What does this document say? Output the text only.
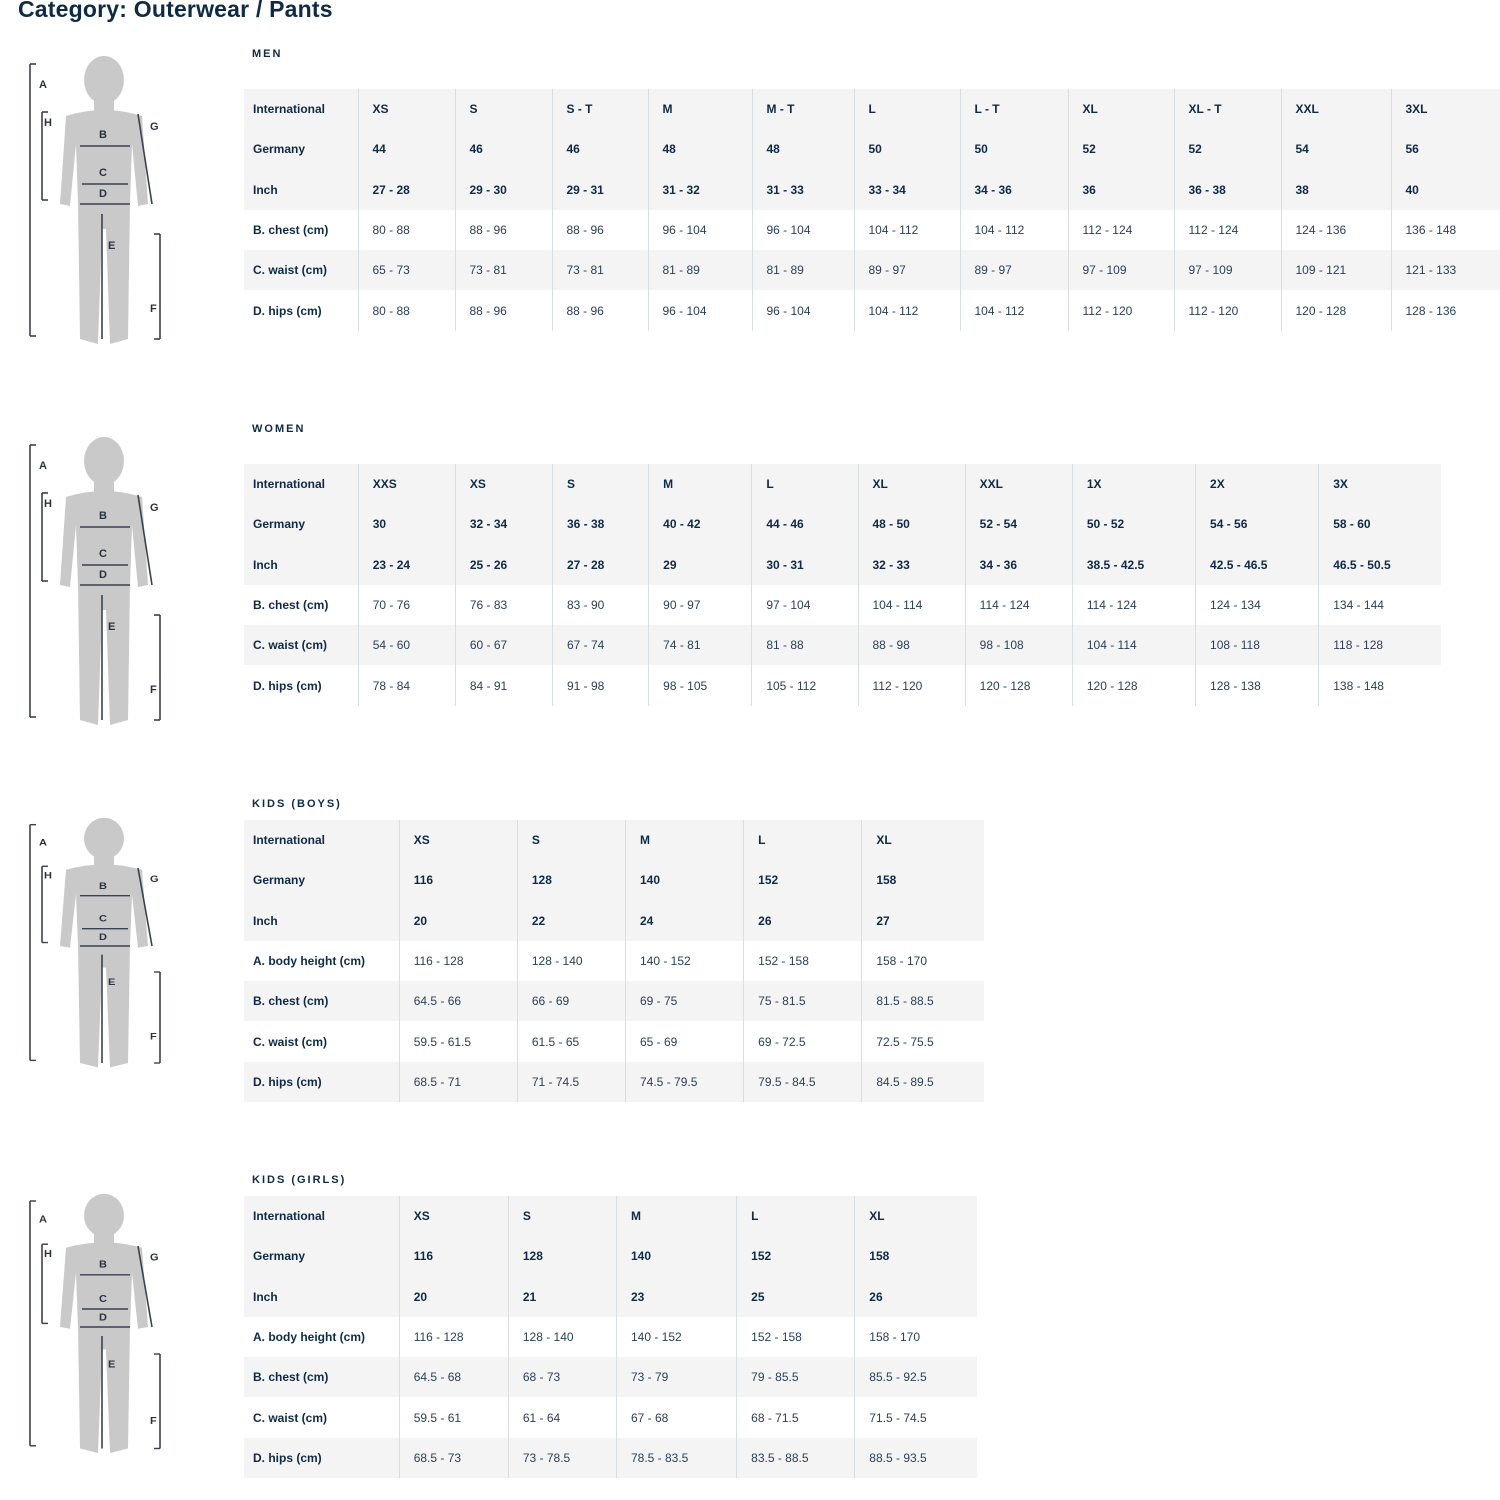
Category: Outerwear / Pants
MEN
A
H
B
C
D
E
F
G
International	XS	S	S - T	M	M - T	L	L - T	XL	XL - T	XXL	3XL
Germany	44	46	46	48	48	50	50	52	52	54	56
Inch	27 - 28	29 - 30	29 - 31	31 - 32	31 - 33	33 - 34	34 - 36	36	36 - 38	38	40
B. chest (cm)	80 - 88	88 - 96	88 - 96	96 - 104	96 - 104	104 - 112	104 - 112	112 - 124	112 - 124	124 - 136	136 - 148
C. waist (cm)	65 - 73	73 - 81	73 - 81	81 - 89	81 - 89	89 - 97	89 - 97	97 - 109	97 - 109	109 - 121	121 - 133
D. hips (cm)	80 - 88	88 - 96	88 - 96	96 - 104	96 - 104	104 - 112	104 - 112	112 - 120	112 - 120	120 - 128	128 - 136
WOMEN
A
H
B
C
D
E
F
G
International	XXS	XS	S	M	L	XL	XXL	1X	2X	3X
Germany	30	32 - 34	36 - 38	40 - 42	44 - 46	48 - 50	52 - 54	50 - 52	54 - 56	58 - 60
Inch	23 - 24	25 - 26	27 - 28	29	30 - 31	32 - 33	34 - 36	38.5 - 42.5	42.5 - 46.5	46.5 - 50.5
B. chest (cm)	70 - 76	76 - 83	83 - 90	90 - 97	97 - 104	104 - 114	114 - 124	114 - 124	124 - 134	134 - 144
C. waist (cm)	54 - 60	60 - 67	67 - 74	74 - 81	81 - 88	88 - 98	98 - 108	104 - 114	108 - 118	118 - 128
D. hips (cm)	78 - 84	84 - 91	91 - 98	98 - 105	105 - 112	112 - 120	120 - 128	120 - 128	128 - 138	138 - 148
KIDS (BOYS)
A
H
B
C
D
E
F
G
International	XS	S	M	L	XL
Germany	116	128	140	152	158
Inch	20	22	24	26	27
A. body height (cm)	116 - 128	128 - 140	140 - 152	152 - 158	158 - 170
B. chest (cm)	64.5 - 66	66 - 69	69 - 75	75 - 81.5	81.5 - 88.5
C. waist (cm)	59.5 - 61.5	61.5 - 65	65 - 69	69 - 72.5	72.5 - 75.5
D. hips (cm)	68.5 - 71	71 - 74.5	74.5 - 79.5	79.5 - 84.5	84.5 - 89.5
KIDS (GIRLS)
A
H
B
C
D
E
F
G
International	XS	S	M	L	XL
Germany	116	128	140	152	158
Inch	20	21	23	25	26
A. body height (cm)	116 - 128	128 - 140	140 - 152	152 - 158	158 - 170
B. chest (cm)	64.5 - 68	68 - 73	73 - 79	79 - 85.5	85.5 - 92.5
C. waist (cm)	59.5 - 61	61 - 64	67 - 68	68 - 71.5	71.5 - 74.5
D. hips (cm)	68.5 - 73	73 - 78.5	78.5 - 83.5	83.5 - 88.5	88.5 - 93.5
